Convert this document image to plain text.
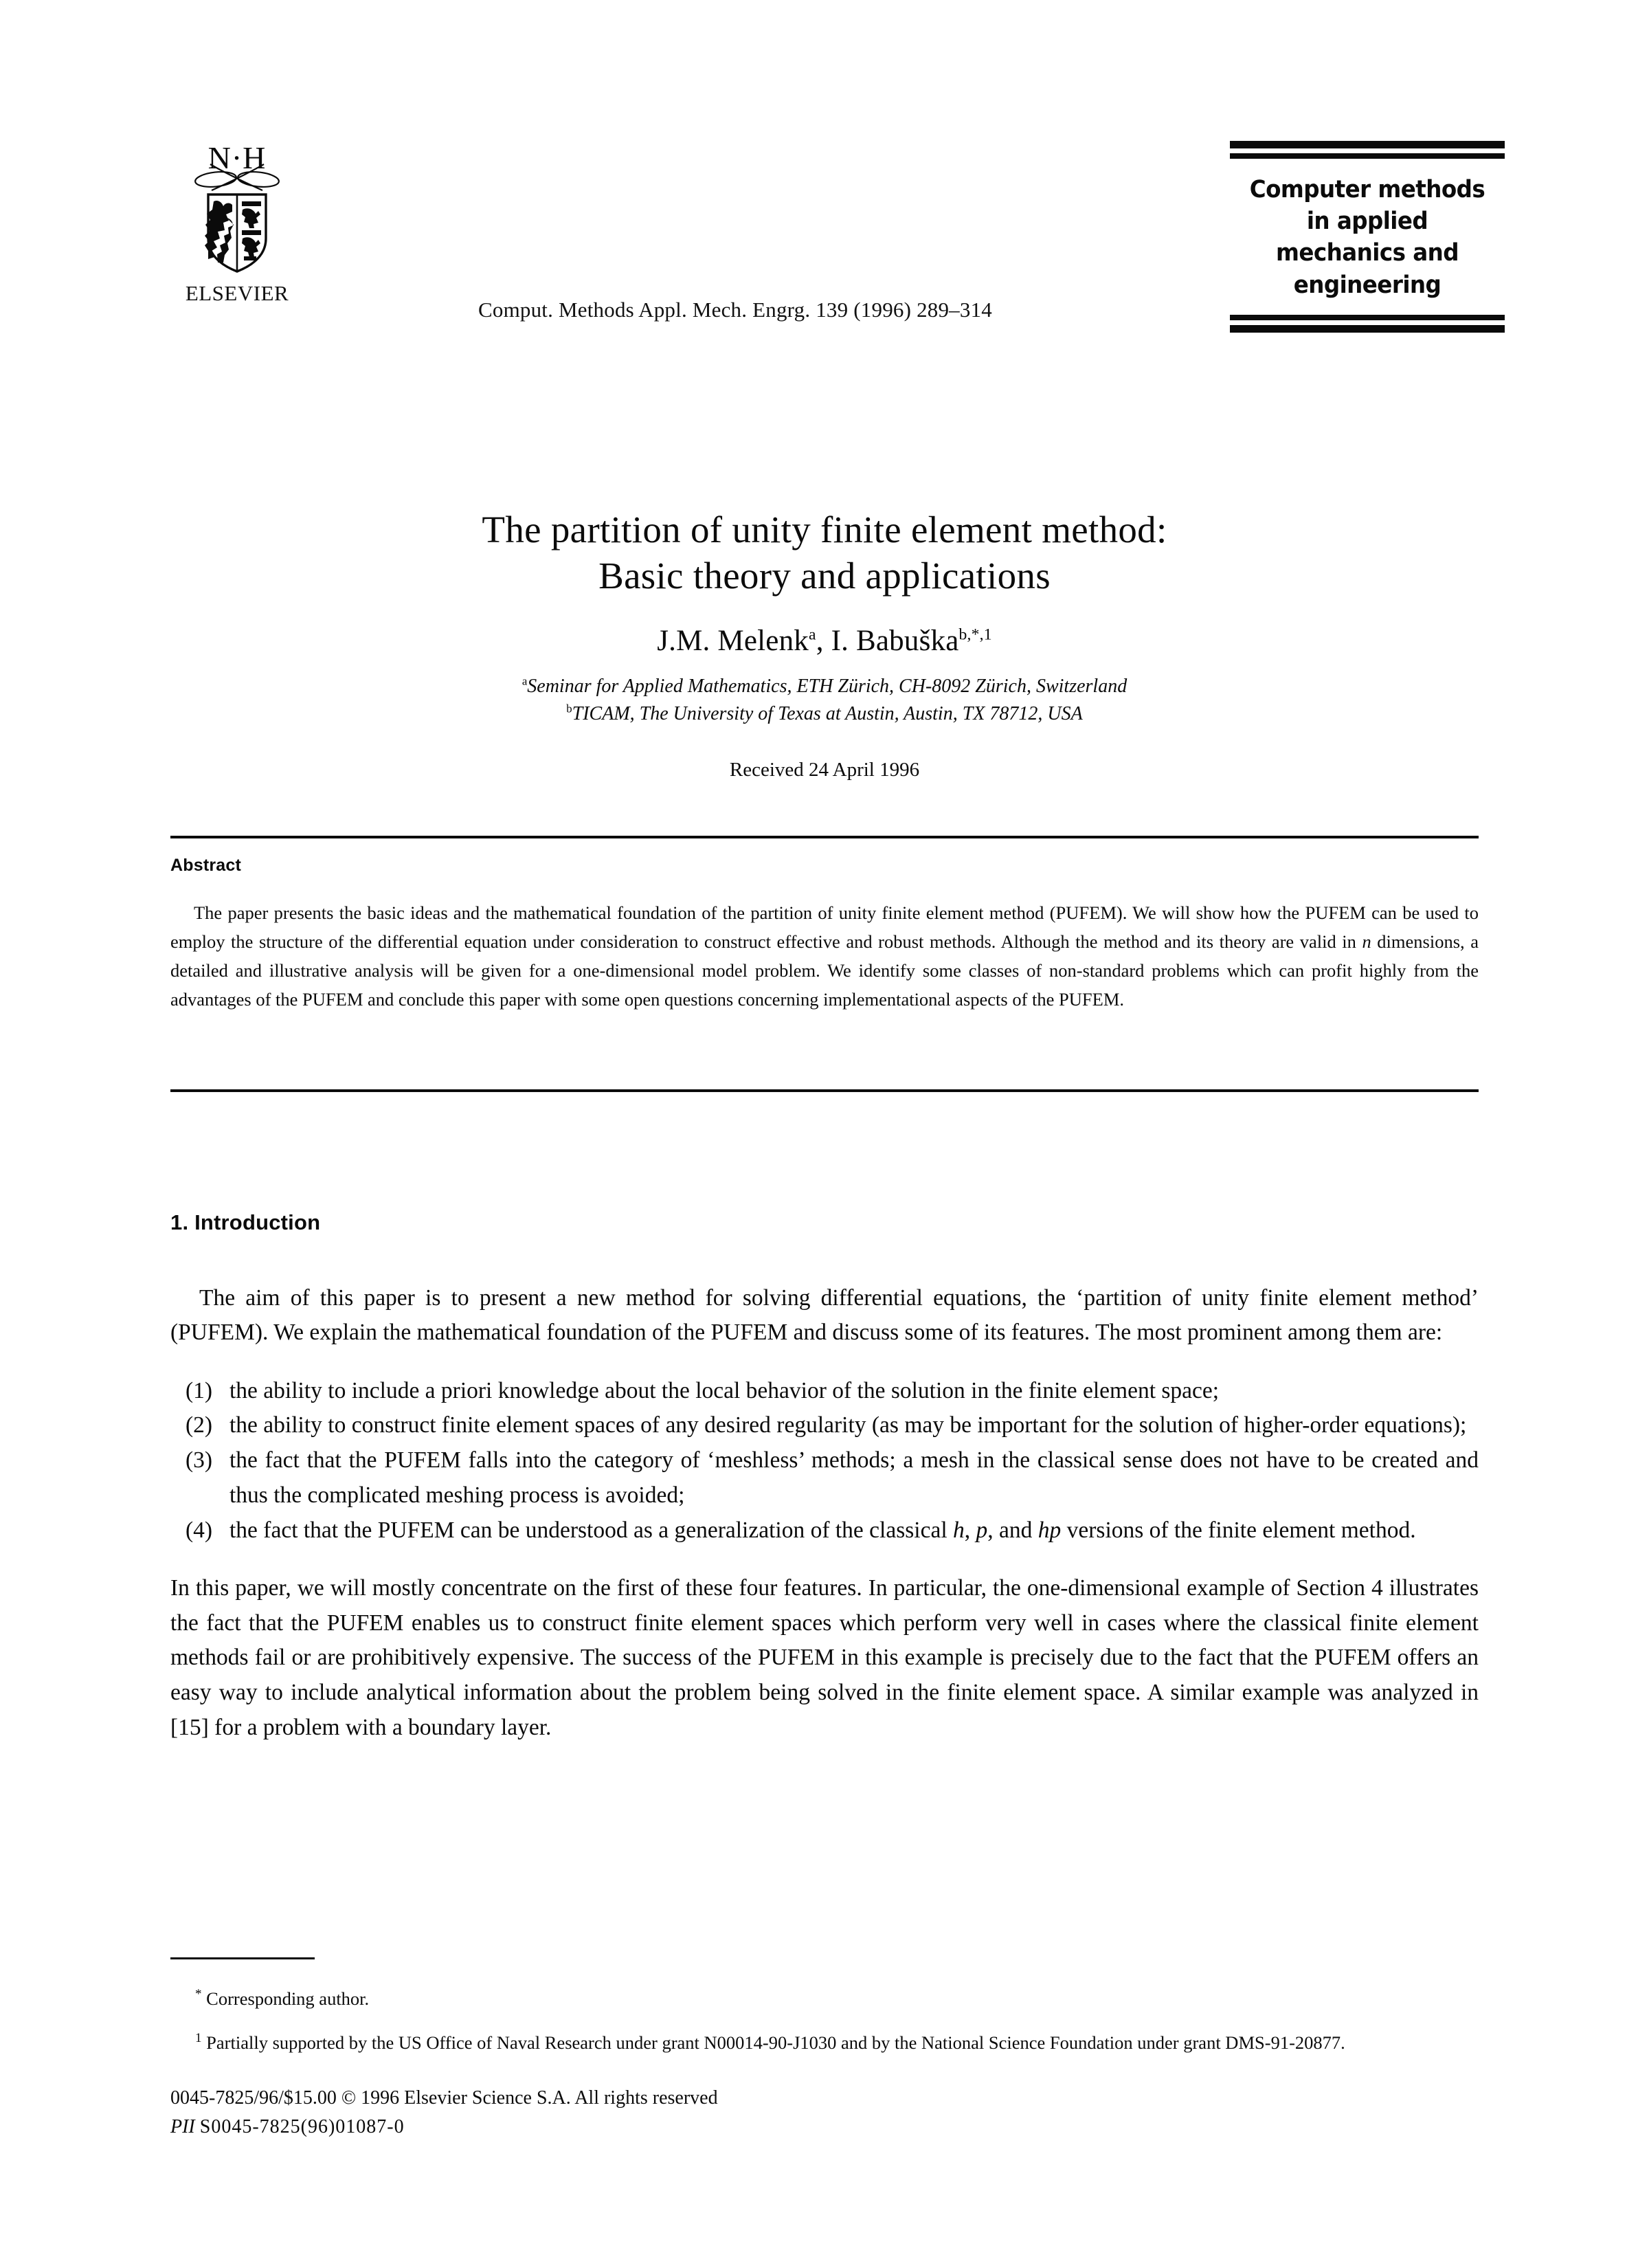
N·H
ELSEVIER
Comput. Methods Appl. Mech. Engrg. 139 (1996) 289–314
Computer methods
in applied
mechanics and
engineering
The partition of unity finite element method:
Basic theory and applications
J.M. Melenk$^a$, I. Babuška$^{b,*,1}$
$^a$Seminar for Applied Mathematics, ETH Zürich, CH-8092 Zürich, Switzerland
$^b$TICAM, The University of Texas at Austin, Austin, TX 78712, USA
Received 24 April 1996
Abstract

The paper presents the basic ideas and the mathematical foundation of the partition of unity finite element method (PUFEM). We will show how the PUFEM can be used to employ the structure of the differential equation under consideration to construct effective and robust methods. Although the method and its theory are valid in n dimensions, a detailed and illustrative analysis will be given for a one-dimensional model problem. We identify some classes of non-standard problems which can profit highly from the advantages of the PUFEM and conclude this paper with some open questions concerning implementational aspects of the PUFEM.

1. Introduction

The aim of this paper is to present a new method for solving differential equations, the ‘partition of unity finite element method’ (PUFEM). We explain the mathematical foundation of the PUFEM and discuss some of its features. The most prominent among them are:

(1) the ability to include a priori knowledge about the local behavior of the solution in the finite element space;
(2) the ability to construct finite element spaces of any desired regularity (as may be important for the solution of higher-order equations);
(3) the fact that the PUFEM falls into the category of ‘meshless’ methods; a mesh in the classical sense does not have to be created and thus the complicated meshing process is avoided;
(4) the fact that the PUFEM can be understood as a generalization of the classical h, p, and hp versions of the finite element method.

In this paper, we will mostly concentrate on the first of these four features. In particular, the one-dimensional example of Section 4 illustrates the fact that the PUFEM enables us to construct finite element spaces which perform very well in cases where the classical finite element methods fail or are prohibitively expensive. The success of the PUFEM in this example is precisely due to the fact that the PUFEM offers an easy way to include analytical information about the problem being solved in the finite element space. A similar example was analyzed in [15] for a problem with a boundary layer.

* Corresponding author.

$^1$ Partially supported by the US Office of Naval Research under grant N00014-90-J1030 and by the National Science Foundation under grant DMS-91-20877.

0045-7825/96/$15.00 © 1996 Elsevier Science S.A. All rights reserved
PII S0045-7825(96)01087-0
